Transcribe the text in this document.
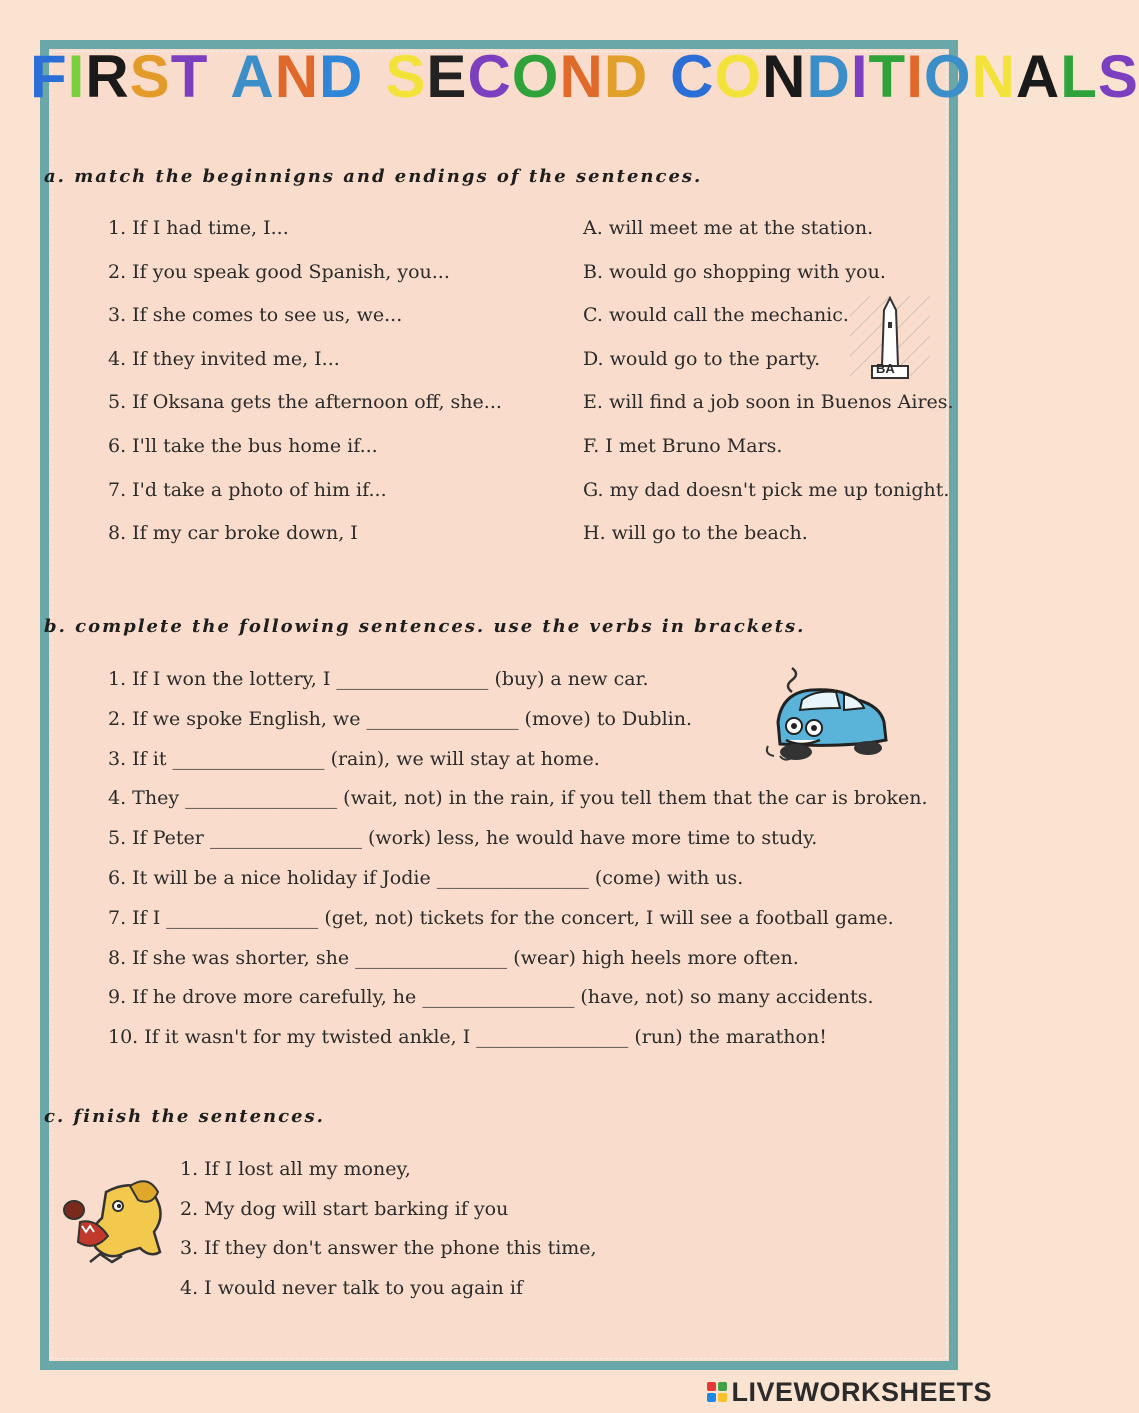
FIRST AND SECOND CONDITIONALS

a. match the beginnigns and endings of the sentences.

1. If I had time, I...

2. If you speak good Spanish, you...

3. If she comes to see us, we...

4. If they invited me, I...

5. If Oksana gets the afternoon off, she...

6. I'll take the bus home if...

7. I'd take a photo of him if...

8. If my car broke down, I

A. will meet me at the station.

B. would go shopping with you.

C. would call the mechanic.

D. would go to the party.

E. will find a job soon in Buenos Aires.

F. I met Bruno Mars.

G. my dad doesn't pick me up tonight.

H. will go to the beach.

BA

b. complete the following sentences. use the verbs in brackets.

1. If I won the lottery, I ________________ (buy) a new car.

2. If we spoke English, we ________________ (move) to Dublin.

3. If it ________________ (rain), we will stay at home.

4. They ________________ (wait, not) in the rain, if you tell them that the car is broken.

5. If Peter ________________ (work) less, he would have more time to study.

6. It will be a nice holiday if Jodie ________________ (come) with us.

7. If I ________________ (get, not) tickets for the concert, I will see a football game.

8. If she was shorter, she ________________ (wear) high heels more often.

9. If he drove more carefully, he ________________ (have, not) so many accidents.

10. If it wasn't for my twisted ankle, I ________________ (run) the marathon!

c. finish the sentences.

1. If I lost all my money,

2. My dog will start barking if you

3. If they don't answer the phone this time,

4. I would never talk to you again if

LIVEWORKSHEETS
